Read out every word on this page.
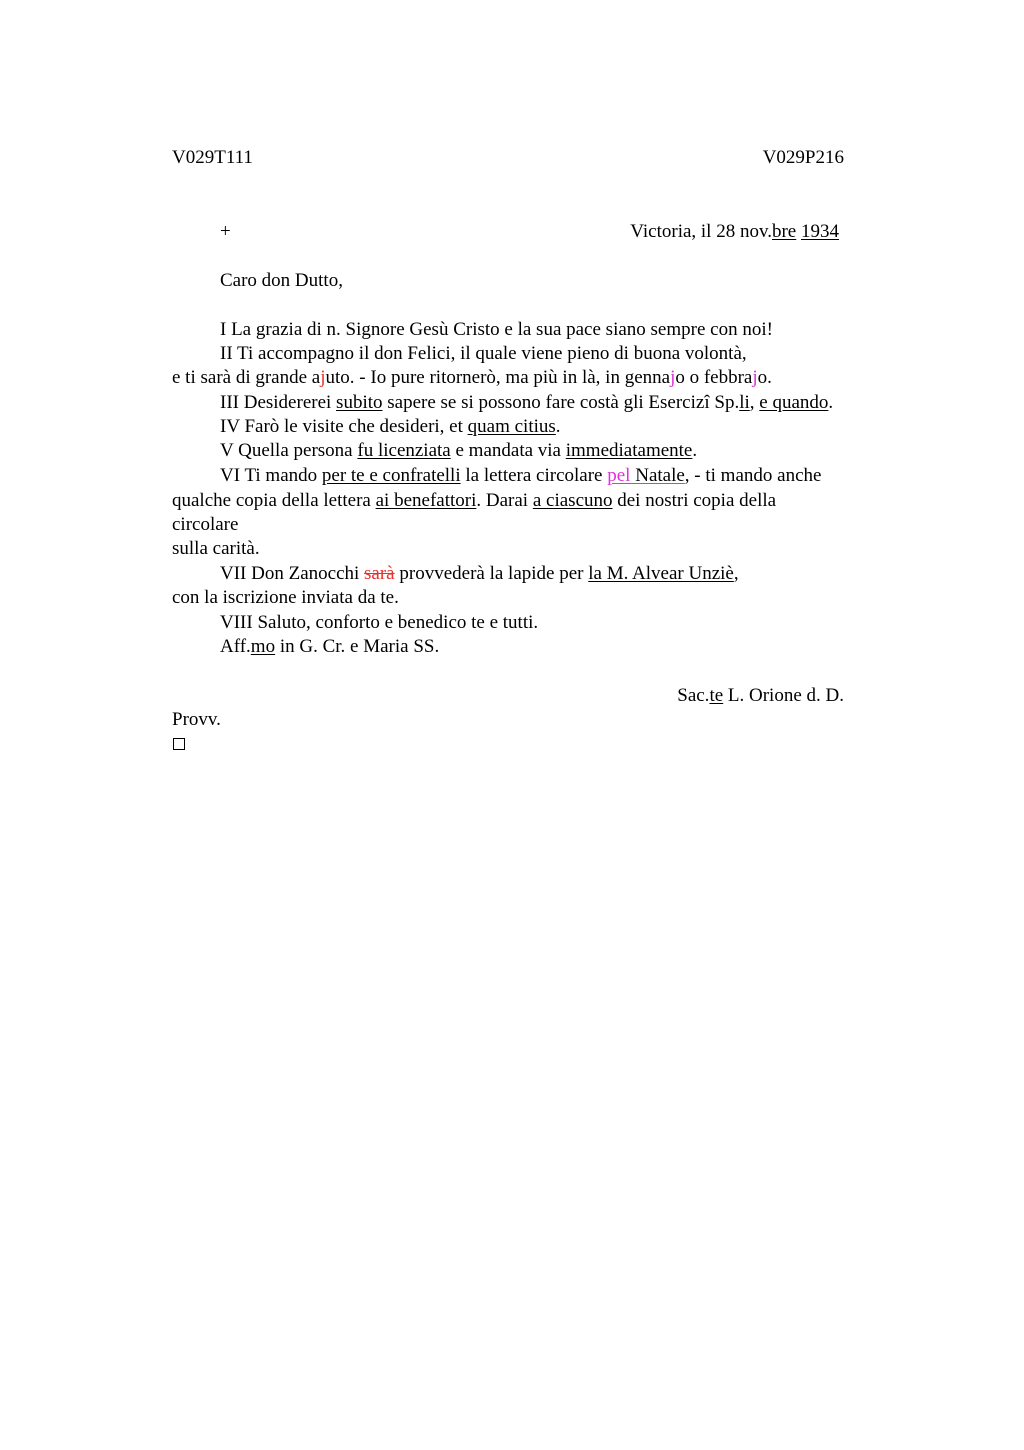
V029T111	V029P216
+	Victoria, il 28 nov.bre 1934
Caro don Dutto,
I La grazia di n. Signore Gesù Cristo e la sua pace siano sempre con noi!
II Ti accompagno il don Felici, il quale viene pieno di buona volontà,
e ti sarà di grande ajuto. - Io pure ritornerò, ma più in là, in gennajo o febbrajo.
III Desidererei subito sapere se si possono fare costà gli Esercizî Sp.li, e quando.
IV Farò le visite che desideri, et quam citius.
V Quella persona fu licenziata e mandata via immediatamente.
VI Ti mando per te e confratelli la lettera circolare pel Natale, - ti mando anche
qualche copia della lettera ai benefattori. Darai a ciascuno dei nostri copia della
circolare
sulla carità.
VII Don Zanocchi sarà provvederà la lapide per la M. Alvear Unziè,
con la iscrizione inviata da te.
VIII Saluto, conforto e benedico te e tutti.
Aff.mo in G. Cr. e Maria SS.
Sac.te L. Orione d. D.
Provv.
